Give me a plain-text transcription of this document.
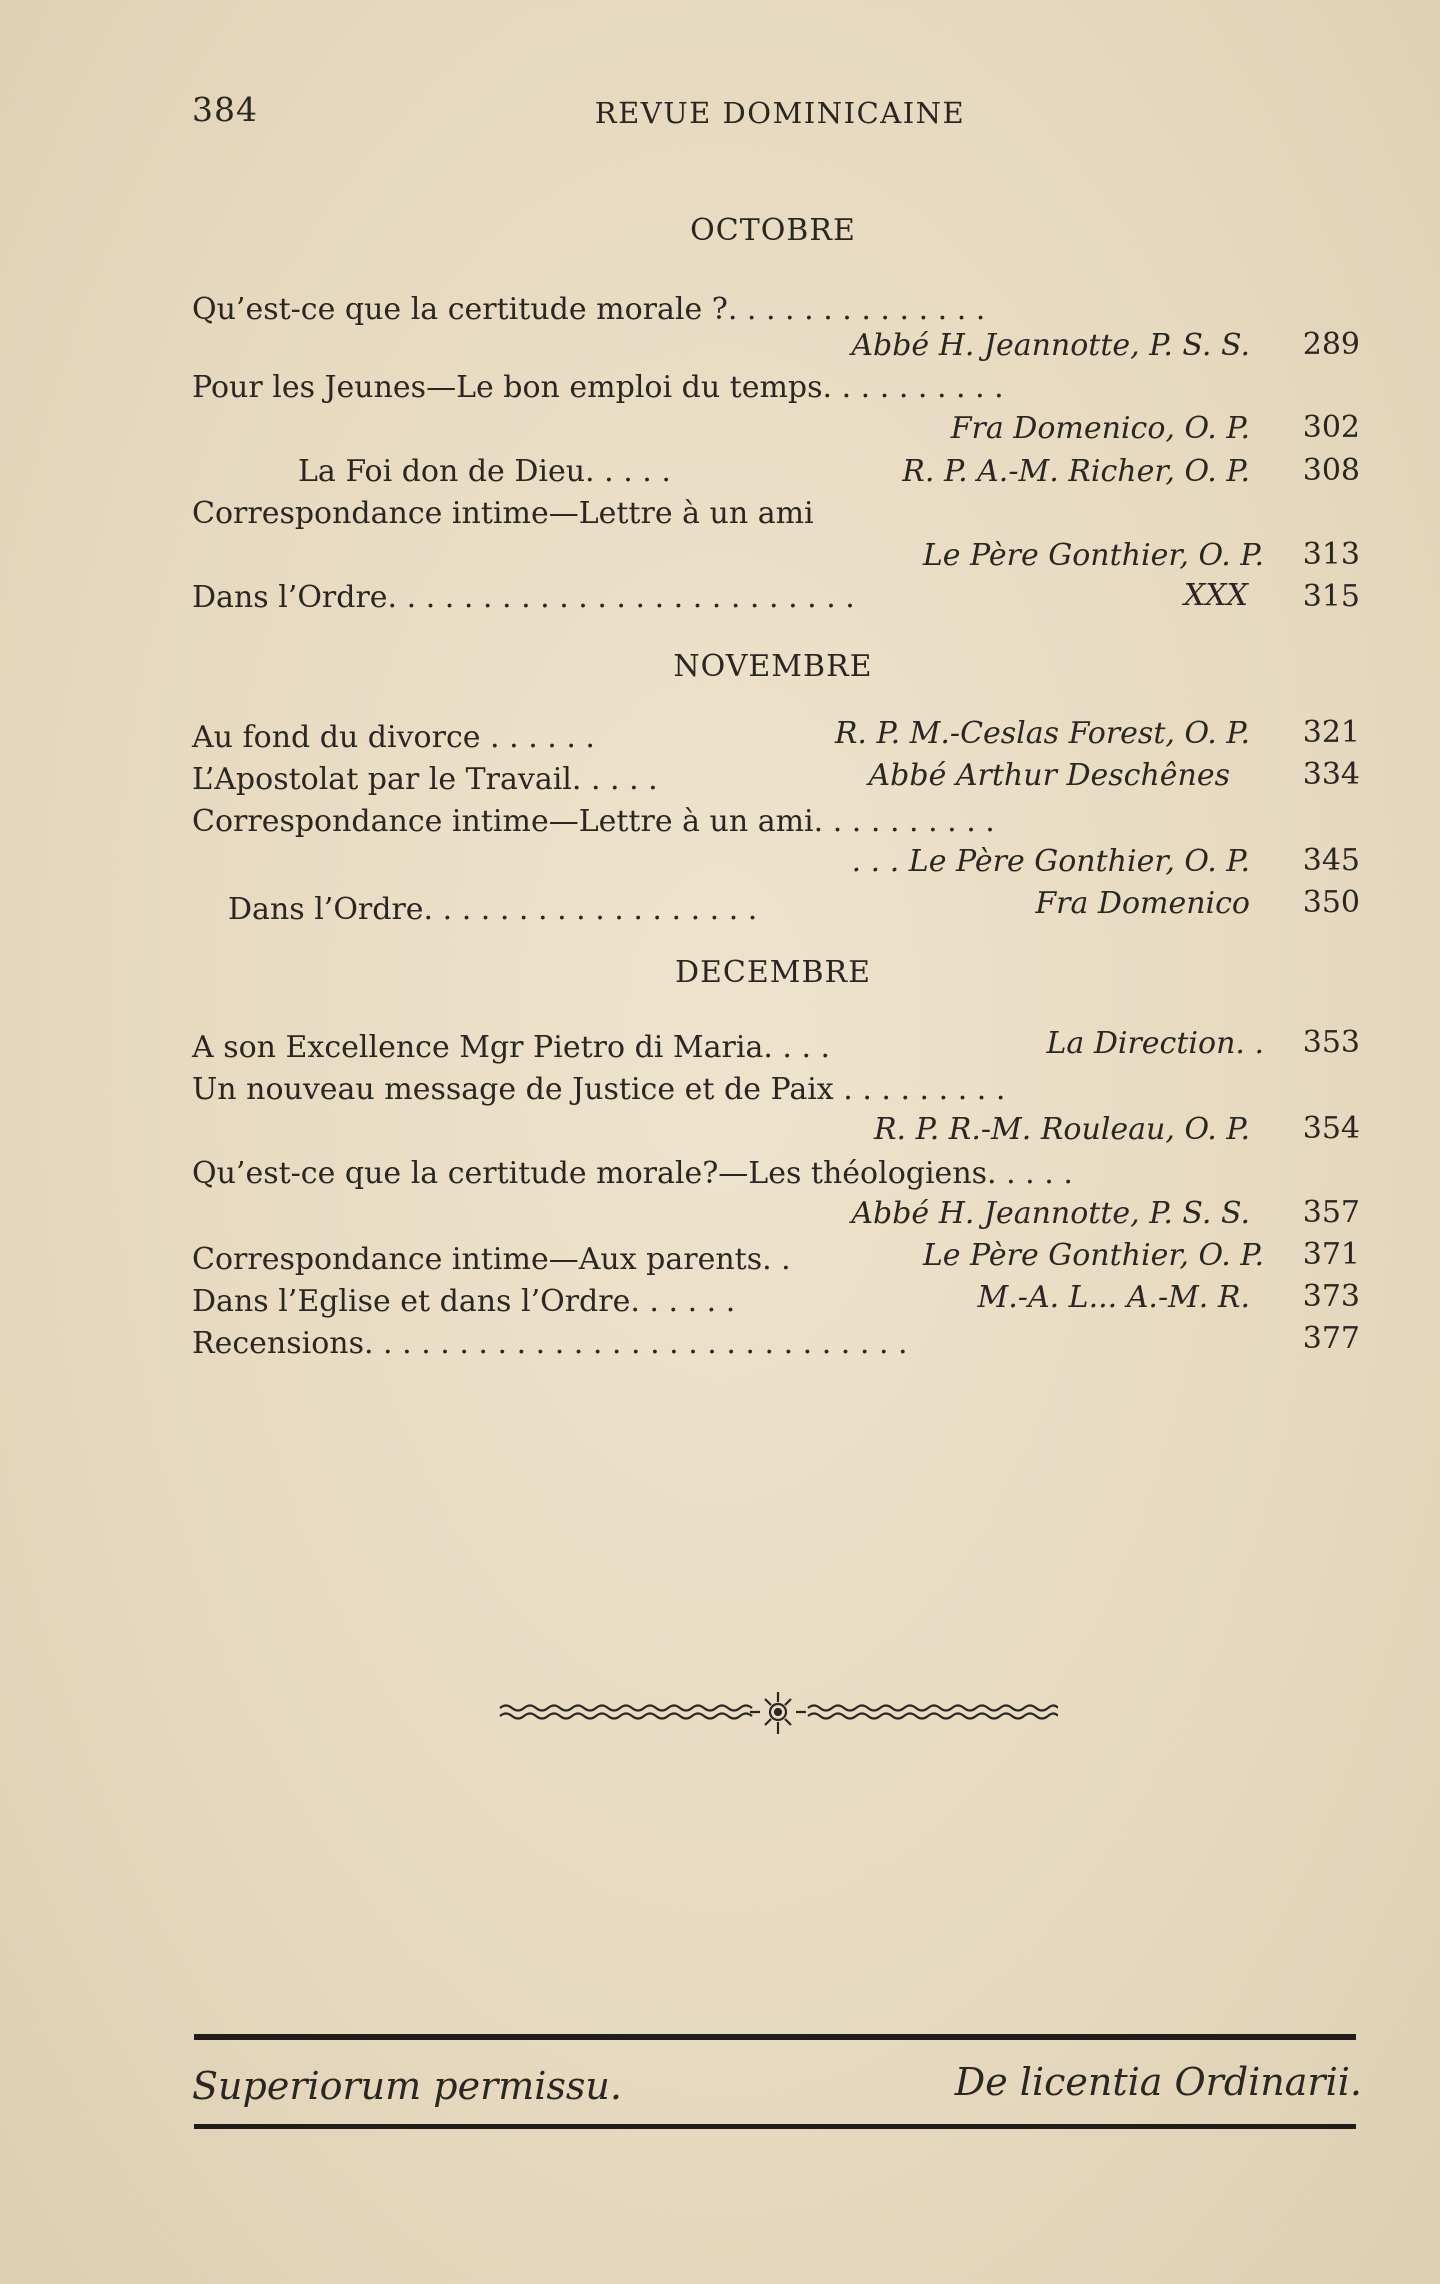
384	REVUE DOMINICAINE
OCTOBRE
Qu’est-ce que la certitude morale ?. . . . . . . . . . . . . .
Abbé H. Jeannotte, P. S. S.	289
Pour les Jeunes—Le bon emploi du temps. . . . . . . . . .
Fra Domenico, O. P.	302
La Foi don de Dieu. . . . .	R. P. A.-M. Richer, O. P.	308
Correspondance intime—Lettre à un ami
Le Père Gonthier, O. P.	313
Dans l’Ordre. . . . . . . . . . . . . . . . . . . . . . . . .	XXX	315
NOVEMBRE
Au fond du divorce . . . . . .	R. P. M.-Ceslas Forest, O. P.	321
L’Apostolat par le Travail. . . . .	Abbé Arthur Deschênes	334
Correspondance intime—Lettre à un ami. . . . . . . . . .
. . . Le Père Gonthier, O. P.	345
Dans l’Ordre. . . . . . . . . . . . . . . . . .	Fra Domenico	350
DECEMBRE
A son Excellence Mgr Pietro di Maria. . . .	La Direction. .	353
Un nouveau message de Justice et de Paix . . . . . . . . .
R. P. R.-M. Rouleau, O. P.	354
Qu’est-ce que la certitude morale?—Les théologiens. . . . .
Abbé H. Jeannotte, P. S. S.	357
Correspondance intime—Aux parents. .	Le Père Gonthier, O. P.	371
Dans l’Eglise et dans l’Ordre. . . . . .	M.-A. L... A.-M. R.	373
Recensions. . . . . . . . . . . . . . . . . . . . . . . . . . . . .	377
Superiorum permissu.	De licentia Ordinarii.
